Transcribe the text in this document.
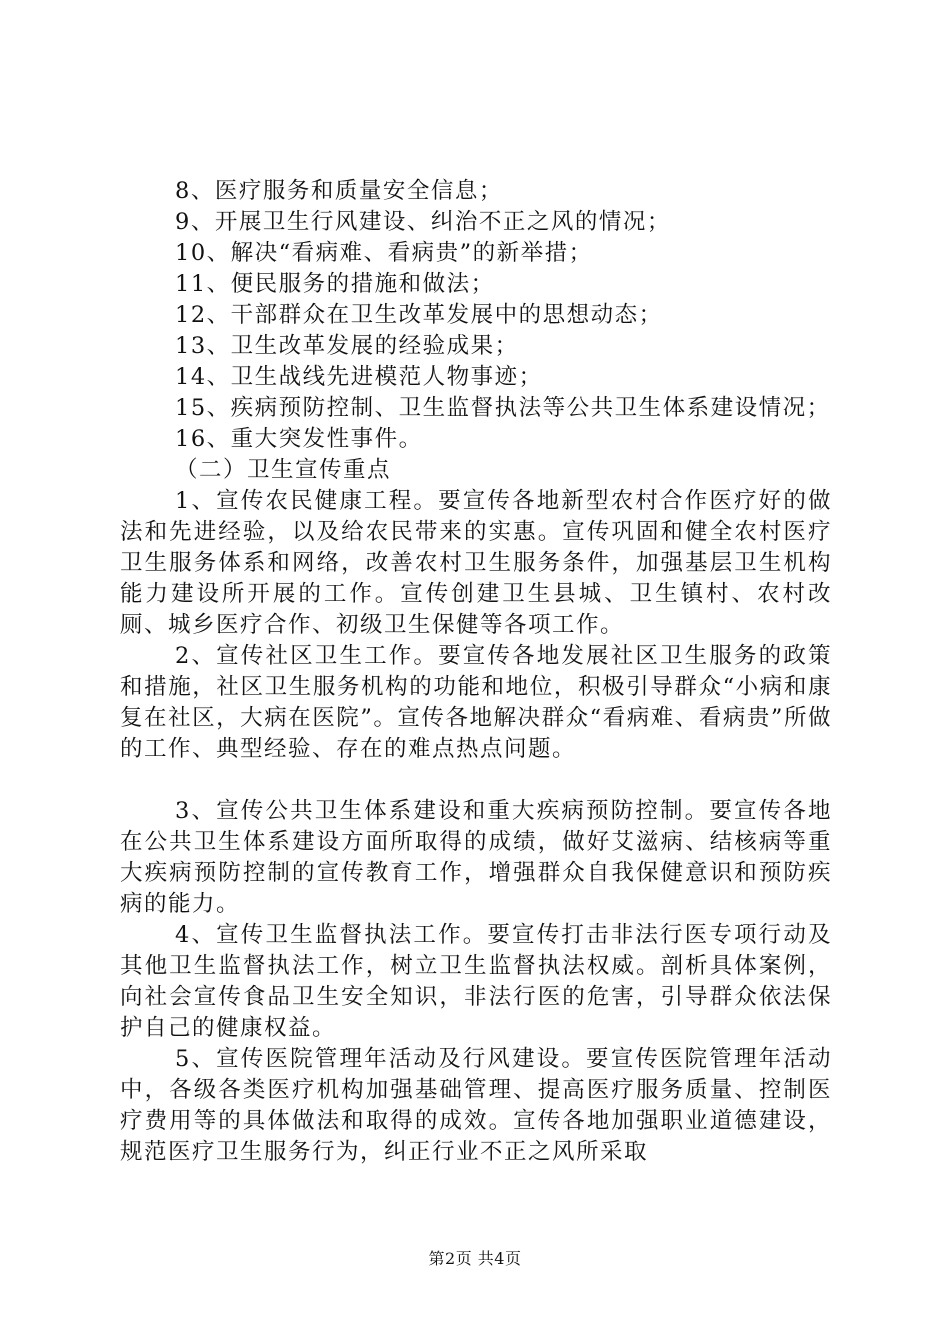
8、医疗服务和质量安全信息；

9、开展卫生行风建设、纠治不正之风的情况；

10、解决“看病难、看病贵”的新举措；

11、便民服务的措施和做法；

12、干部群众在卫生改革发展中的思想动态；

13、卫生改革发展的经验成果；

14、卫生战线先进模范人物事迹；

15、疾病预防控制、卫生监督执法等公共卫生体系建设情况；

16、重大突发性事件。

（二）卫生宣传重点

1、宣传农民健康工程。要宣传各地新型农村合作医疗好的做法和先进经验，以及给农民带来的实惠。宣传巩固和健全农村医疗卫生服务体系和网络，改善农村卫生服务条件，加强基层卫生机构能力建设所开展的工作。宣传创建卫生县城、卫生镇村、农村改厕、城乡医疗合作、初级卫生保健等各项工作。

2、宣传社区卫生工作。要宣传各地发展社区卫生服务的政策和措施，社区卫生服务机构的功能和地位，积极引导群众“小病和康复在社区，大病在医院”。宣传各地解决群众“看病难、看病贵”所做的工作、典型经验、存在的难点热点问题。

3、宣传公共卫生体系建设和重大疾病预防控制。要宣传各地在公共卫生体系建设方面所取得的成绩，做好艾滋病、结核病等重大疾病预防控制的宣传教育工作，增强群众自我保健意识和预防疾病的能力。

4、宣传卫生监督执法工作。要宣传打击非法行医专项行动及其他卫生监督执法工作，树立卫生监督执法权威。剖析具体案例，向社会宣传食品卫生安全知识，非法行医的危害，引导群众依法保护自己的健康权益。

5、宣传医院管理年活动及行风建设。要宣传医院管理年活动中，各级各类医疗机构加强基础管理、提高医疗服务质量、控制医疗费用等的具体做法和取得的成效。宣传各地加强职业道德建设，规范医疗卫生服务行为，纠正行业不正之风所采取

第2页 共4页
